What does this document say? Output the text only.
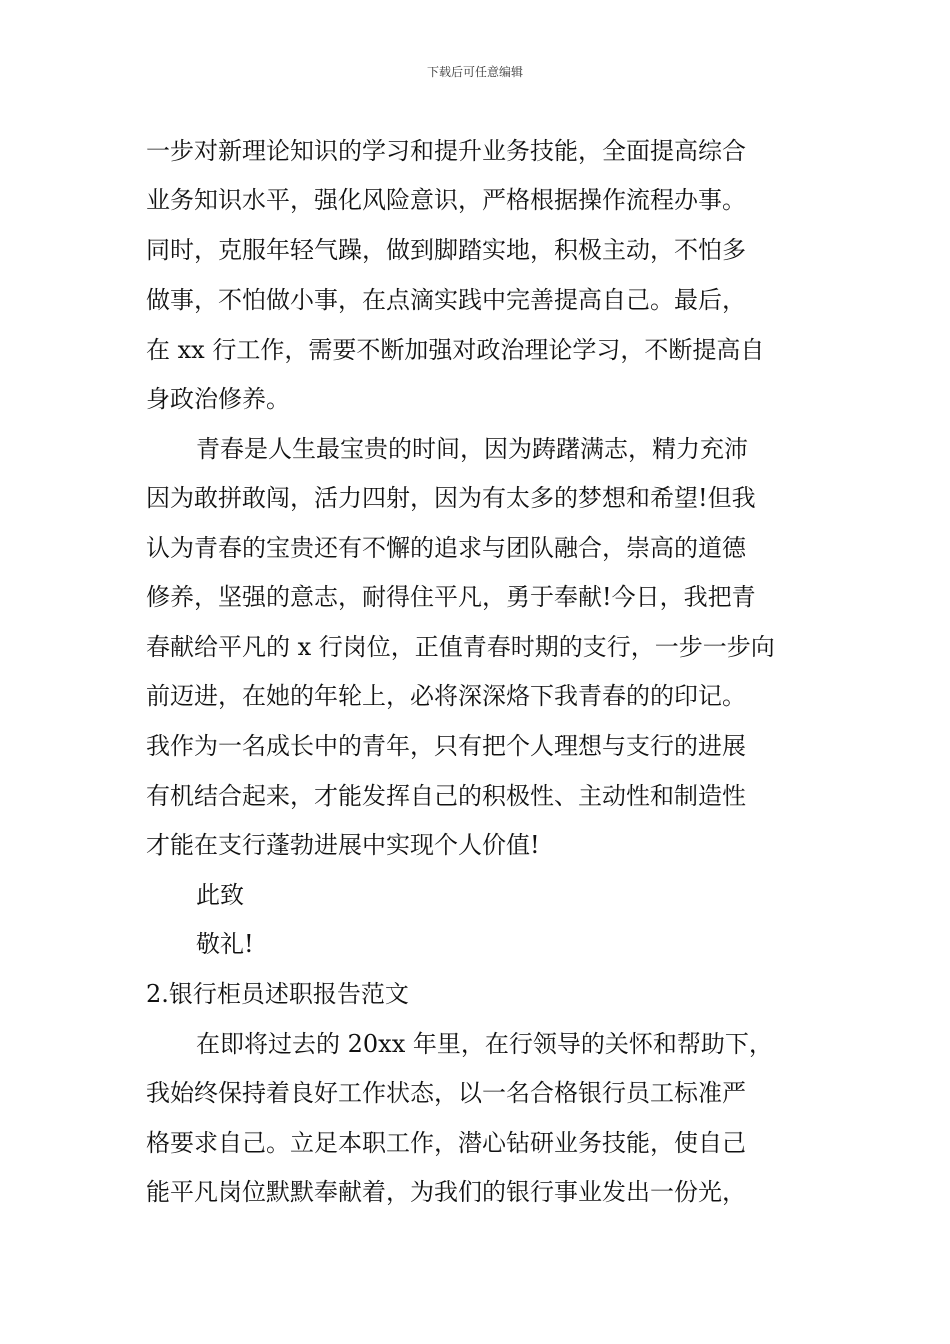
下载后可任意编辑
一步对新理论知识的学习和提升业务技能，全面提高综合
业务知识水平，强化风险意识，严格根据操作流程办事。
同时，克服年轻气躁，做到脚踏实地，积极主动，不怕多
做事，不怕做小事，在点滴实践中完善提高自己。最后，
在 xx 行工作，需要不断加强对政治理论学习，不断提高自
身政治修养。
青春是人生最宝贵的时间，因为踌躇满志，精力充沛
因为敢拼敢闯，活力四射，因为有太多的梦想和希望!但我
认为青春的宝贵还有不懈的追求与团队融合，崇高的道德
修养，坚强的意志，耐得住平凡，勇于奉献!今日，我把青
春献给平凡的 x 行岗位，正值青春时期的支行，一步一步向
前迈进，在她的年轮上，必将深深烙下我青春的的印记。
我作为一名成长中的青年，只有把个人理想与支行的进展
有机结合起来，才能发挥自己的积极性、主动性和制造性
才能在支行蓬勃进展中实现个人价值!
此致
敬礼!
2.银行柜员述职报告范文
在即将过去的 20xx 年里，在行领导的关怀和帮助下，
我始终保持着良好工作状态，以一名合格银行员工标准严
格要求自己。立足本职工作，潜心钻研业务技能，使自己
能平凡岗位默默奉献着，为我们的银行事业发出一份光，
